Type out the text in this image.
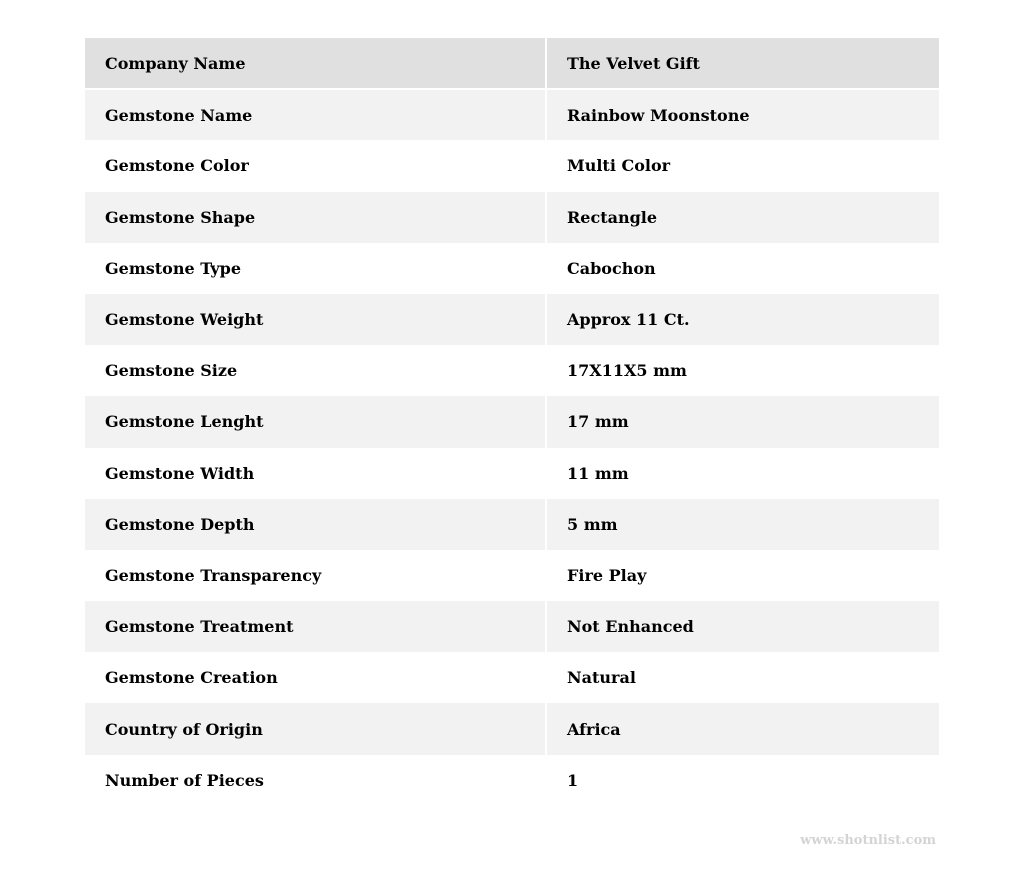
Company Name	The Velvet Gift
Gemstone Name	Rainbow Moonstone
Gemstone Color	Multi Color
Gemstone Shape	Rectangle
Gemstone Type	Cabochon
Gemstone Weight	Approx 11 Ct.
Gemstone Size	17X11X5 mm
Gemstone Lenght	17 mm
Gemstone Width	11 mm
Gemstone Depth	5 mm
Gemstone Transparency	Fire Play
Gemstone Treatment	Not Enhanced
Gemstone Creation	Natural
Country of Origin	Africa
Number of Pieces	1
www.shotnlist.com
